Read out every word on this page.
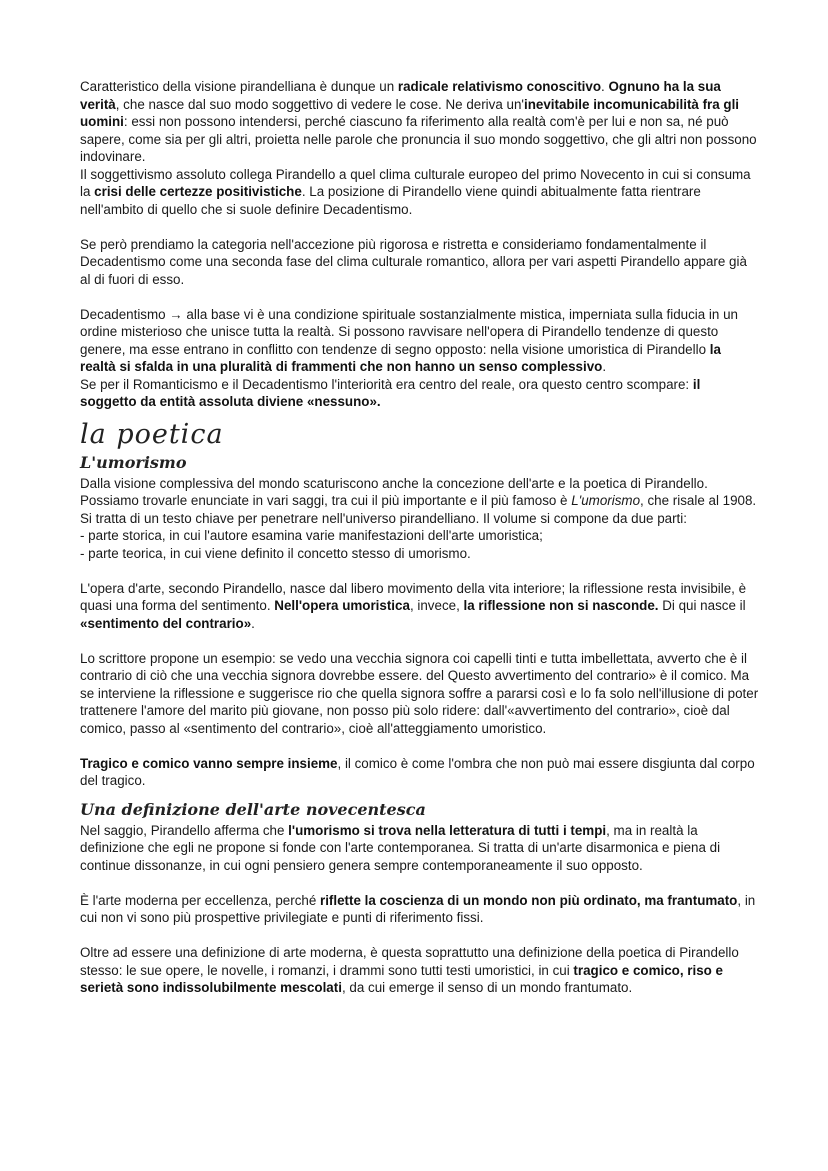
Caratteristico della visione pirandelliana è dunque un radicale relativismo conoscitivo. Ognuno ha la sua verità, che nasce dal suo modo soggettivo di vedere le cose. Ne deriva un'inevitabile incomunicabilità fra gli uomini: essi non possono intendersi, perché ciascuno fa riferimento alla realtà com'è per lui e non sa, né può sapere, come sia per gli altri, proietta nelle parole che pronuncia il suo mondo soggettivo, che gli altri non possono indovinare.

Il soggettivismo assoluto collega Pirandello a quel clima culturale europeo del primo Novecento in cui si consuma la crisi delle certezze positivistiche. La posizione di Pirandello viene quindi abitualmente fatta rientrare nell'ambito di quello che si suole definire Decadentismo.

Se però prendiamo la categoria nell'accezione più rigorosa e ristretta e consideriamo fondamentalmente il Decadentismo come una seconda fase del clima culturale romantico, allora per vari aspetti Pirandello appare già al di fuori di esso.

Decadentismo → alla base vi è una condizione spirituale sostanzialmente mistica, imperniata sulla fiducia in un ordine misterioso che unisce tutta la realtà. Si possono ravvisare nell'opera di Pirandello tendenze di questo genere, ma esse entrano in conflitto con tendenze di segno opposto: nella visione umoristica di Pirandello la realtà si sfalda in una pluralità di frammenti che non hanno un senso complessivo.

Se per il Romanticismo e il Decadentismo l'interiorità era centro del reale, ora questo centro scompare: il soggetto da entità assoluta diviene «nessuno».

la poetica
L'umorismo

Dalla visione complessiva del mondo scaturiscono anche la concezione dell'arte e la poetica di Pirandello. Possiamo trovarle enunciate in vari saggi, tra cui il più importante e il più famoso è L'umorismo, che risale al 1908. Si tratta di un testo chiave per penetrare nell'universo pirandelliano. Il volume si compone da due parti:

- parte storica, in cui l'autore esamina varie manifestazioni dell'arte umoristica;

- parte teorica, in cui viene definito il concetto stesso di umorismo.

L'opera d'arte, secondo Pirandello, nasce dal libero movimento della vita interiore; la riflessione resta invisibile, è quasi una forma del sentimento. Nell'opera umoristica, invece, la riflessione non si nasconde. Di qui nasce il «sentimento del contrario».

Lo scrittore propone un esempio: se vedo una vecchia signora coi capelli tinti e tutta imbellettata, avverto che è il contrario di ciò che una vecchia signora dovrebbe essere. del Questo avvertimento del contrario» è il comico. Ma se interviene la riflessione e suggerisce rio che quella signora soffre a pararsi così e lo fa solo nell'illusione di poter trattenere l'amore del marito più giovane, non posso più solo ridere: dall'«avvertimento del contrario», cioè dal comico, passo al «sentimento del contrario», cioè all'atteggiamento umoristico.

Tragico e comico vanno sempre insieme, il comico è come l'ombra che non può mai essere disgiunta dal corpo del tragico.

Una definizione dell'arte novecentesca

Nel saggio, Pirandello afferma che l'umorismo si trova nella letteratura di tutti i tempi, ma in realtà la definizione che egli ne propone si fonde con l'arte contemporanea. Si tratta di un'arte disarmonica e piena di continue dissonanze, in cui ogni pensiero genera sempre contemporaneamente il suo opposto.

È l'arte moderna per eccellenza, perché riflette la coscienza di un mondo non più ordinato, ma frantumato, in cui non vi sono più prospettive privilegiate e punti di riferimento fissi.

Oltre ad essere una definizione di arte moderna, è questa soprattutto una definizione della poetica di Pirandello stesso: le sue opere, le novelle, i romanzi, i drammi sono tutti testi umoristici, in cui tragico e comico, riso e serietà sono indissolubilmente mescolati, da cui emerge il senso di un mondo frantumato.
